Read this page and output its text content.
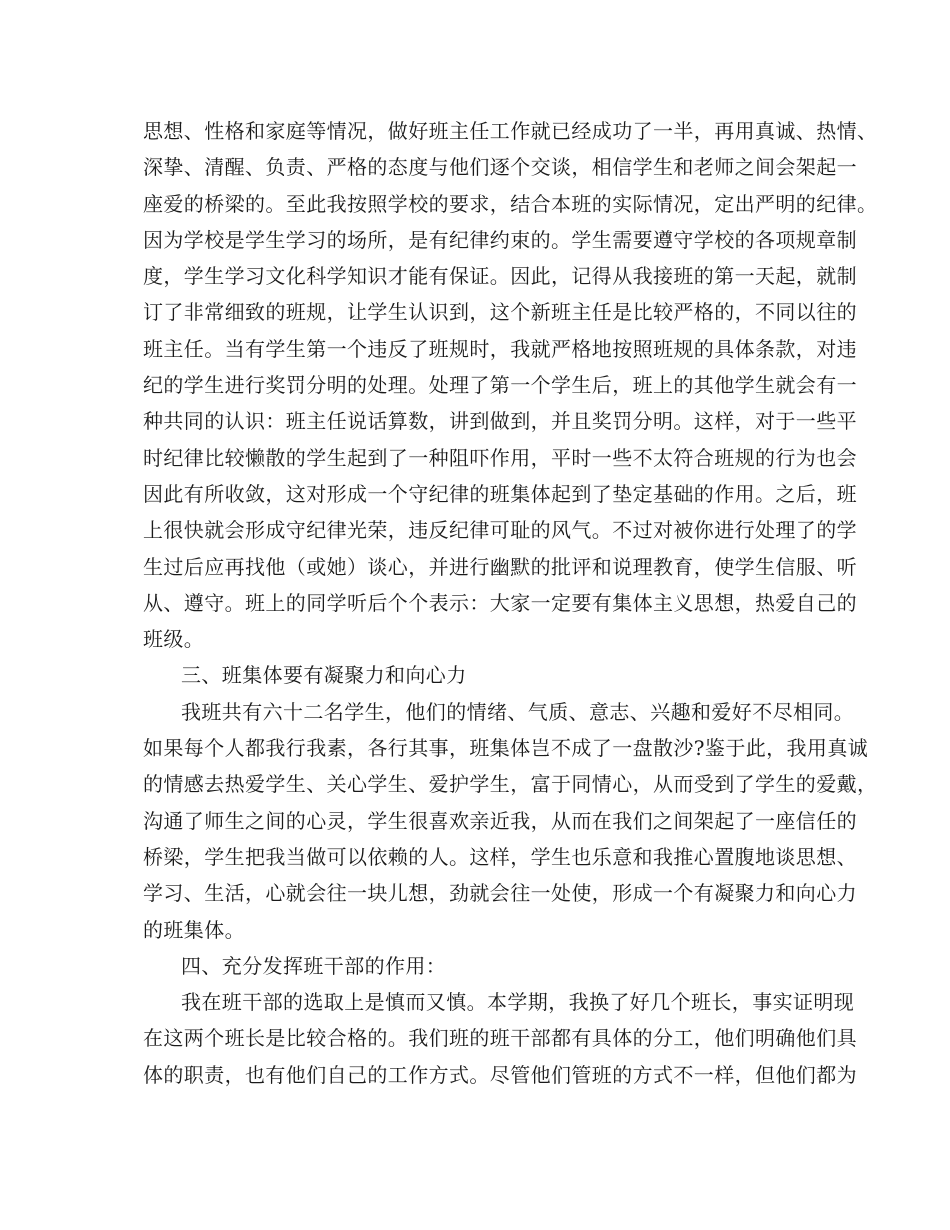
思想、性格和家庭等情况，做好班主任工作就已经成功了一半，再用真诚、热情、
深挚、清醒、负责、严格的态度与他们逐个交谈，相信学生和老师之间会架起一
座爱的桥梁的。至此我按照学校的要求，结合本班的实际情况，定出严明的纪律。
因为学校是学生学习的场所，是有纪律约束的。学生需要遵守学校的各项规章制
度，学生学习文化科学知识才能有保证。因此，记得从我接班的第一天起，就制
订了非常细致的班规，让学生认识到，这个新班主任是比较严格的，不同以往的
班主任。当有学生第一个违反了班规时，我就严格地按照班规的具体条款，对违
纪的学生进行奖罚分明的处理。处理了第一个学生后，班上的其他学生就会有一
种共同的认识：班主任说话算数，讲到做到，并且奖罚分明。这样，对于一些平
时纪律比较懒散的学生起到了一种阻吓作用，平时一些不太符合班规的行为也会
因此有所收敛，这对形成一个守纪律的班集体起到了垫定基础的作用。之后，班
上很快就会形成守纪律光荣，违反纪律可耻的风气。不过对被你进行处理了的学
生过后应再找他（或她）谈心，并进行幽默的批评和说理教育，使学生信服、听
从、遵守。班上的同学听后个个表示：大家一定要有集体主义思想，热爱自己的
班级。
三、班集体要有凝聚力和向心力
我班共有六十二名学生，他们的情绪、气质、意志、兴趣和爱好不尽相同。
如果每个人都我行我素，各行其事，班集体岂不成了一盘散沙?鉴于此，我用真诚
的情感去热爱学生、关心学生、爱护学生，富于同情心，从而受到了学生的爱戴，
沟通了师生之间的心灵，学生很喜欢亲近我，从而在我们之间架起了一座信任的
桥梁，学生把我当做可以依赖的人。这样，学生也乐意和我推心置腹地谈思想、
学习、生活，心就会往一块儿想，劲就会往一处使，形成一个有凝聚力和向心力
的班集体。
四、充分发挥班干部的作用：
我在班干部的选取上是慎而又慎。本学期，我换了好几个班长，事实证明现
在这两个班长是比较合格的。我们班的班干部都有具体的分工，他们明确他们具
体的职责，也有他们自己的工作方式。尽管他们管班的方式不一样，但他们都为
